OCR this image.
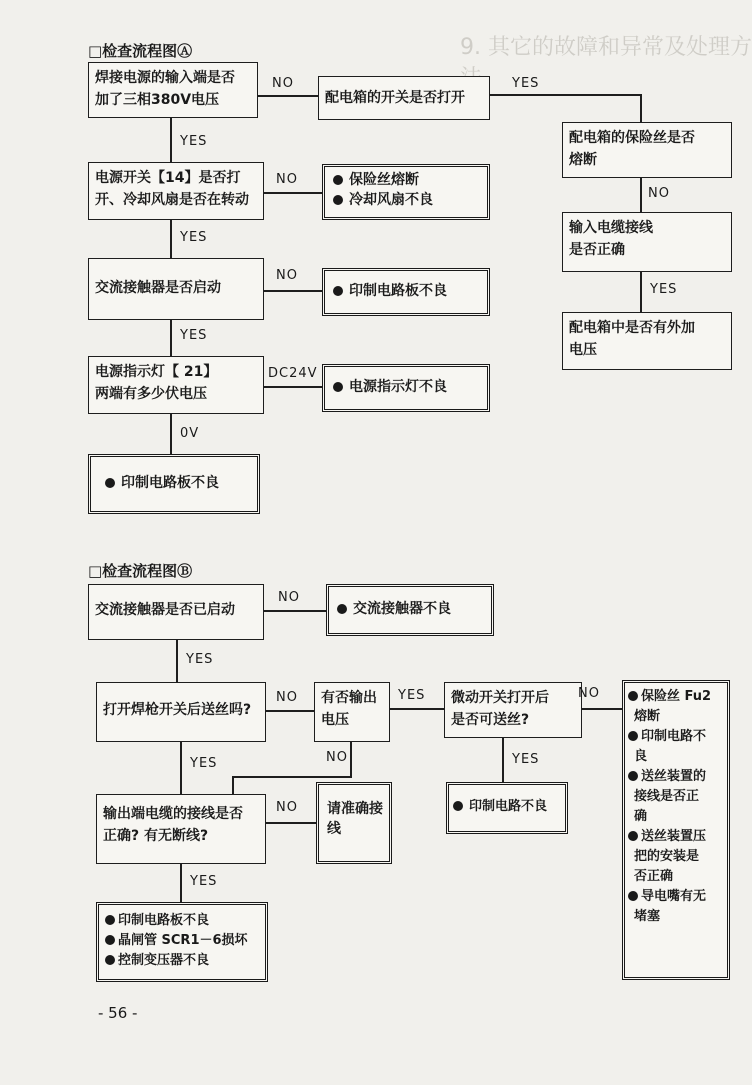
9. 其它的故障和异常及处理方
□检查流程图Ⓐ
焊接电源的输入端是否
加了三相380V电压
NO
配电箱的开关是否打开
YES
配电箱的保险丝是否
熔断
NO
输入电缆接线
是否正确
YES
配电箱中是否有外加
电压
YES
电源开关【14】是否打
开、冷却风扇是否在转动
NO	保险丝熔断
冷却风扇不良
YES
交流接触器是否启动
NO
印制电路板不良
YES
电源指示灯【 21】
两端有多少伏电压
DC24V
电源指示灯不良
0V
印制电路板不良
□检查流程图Ⓑ
交流接触器是否已启动
NO
交流接触器不良
YES
打开焊枪开关后送丝吗?
NO 有否输出
电压
YES
NO
微动开关打开后
是否可送丝?
NO
YES
印制电路不良
保险丝 Fu2
熔断
印制电路不
良
送丝装置的
接线是否正
确
送丝装置压
把的安装是
否正确
导电嘴有无
堵塞
YES
输出端电缆的接线是否
正确? 有无断线?
NO 请准确接
线
YES
印制电路板不良
晶闸管 SCR1－6损坏
控制变压器不良
- 56 -
